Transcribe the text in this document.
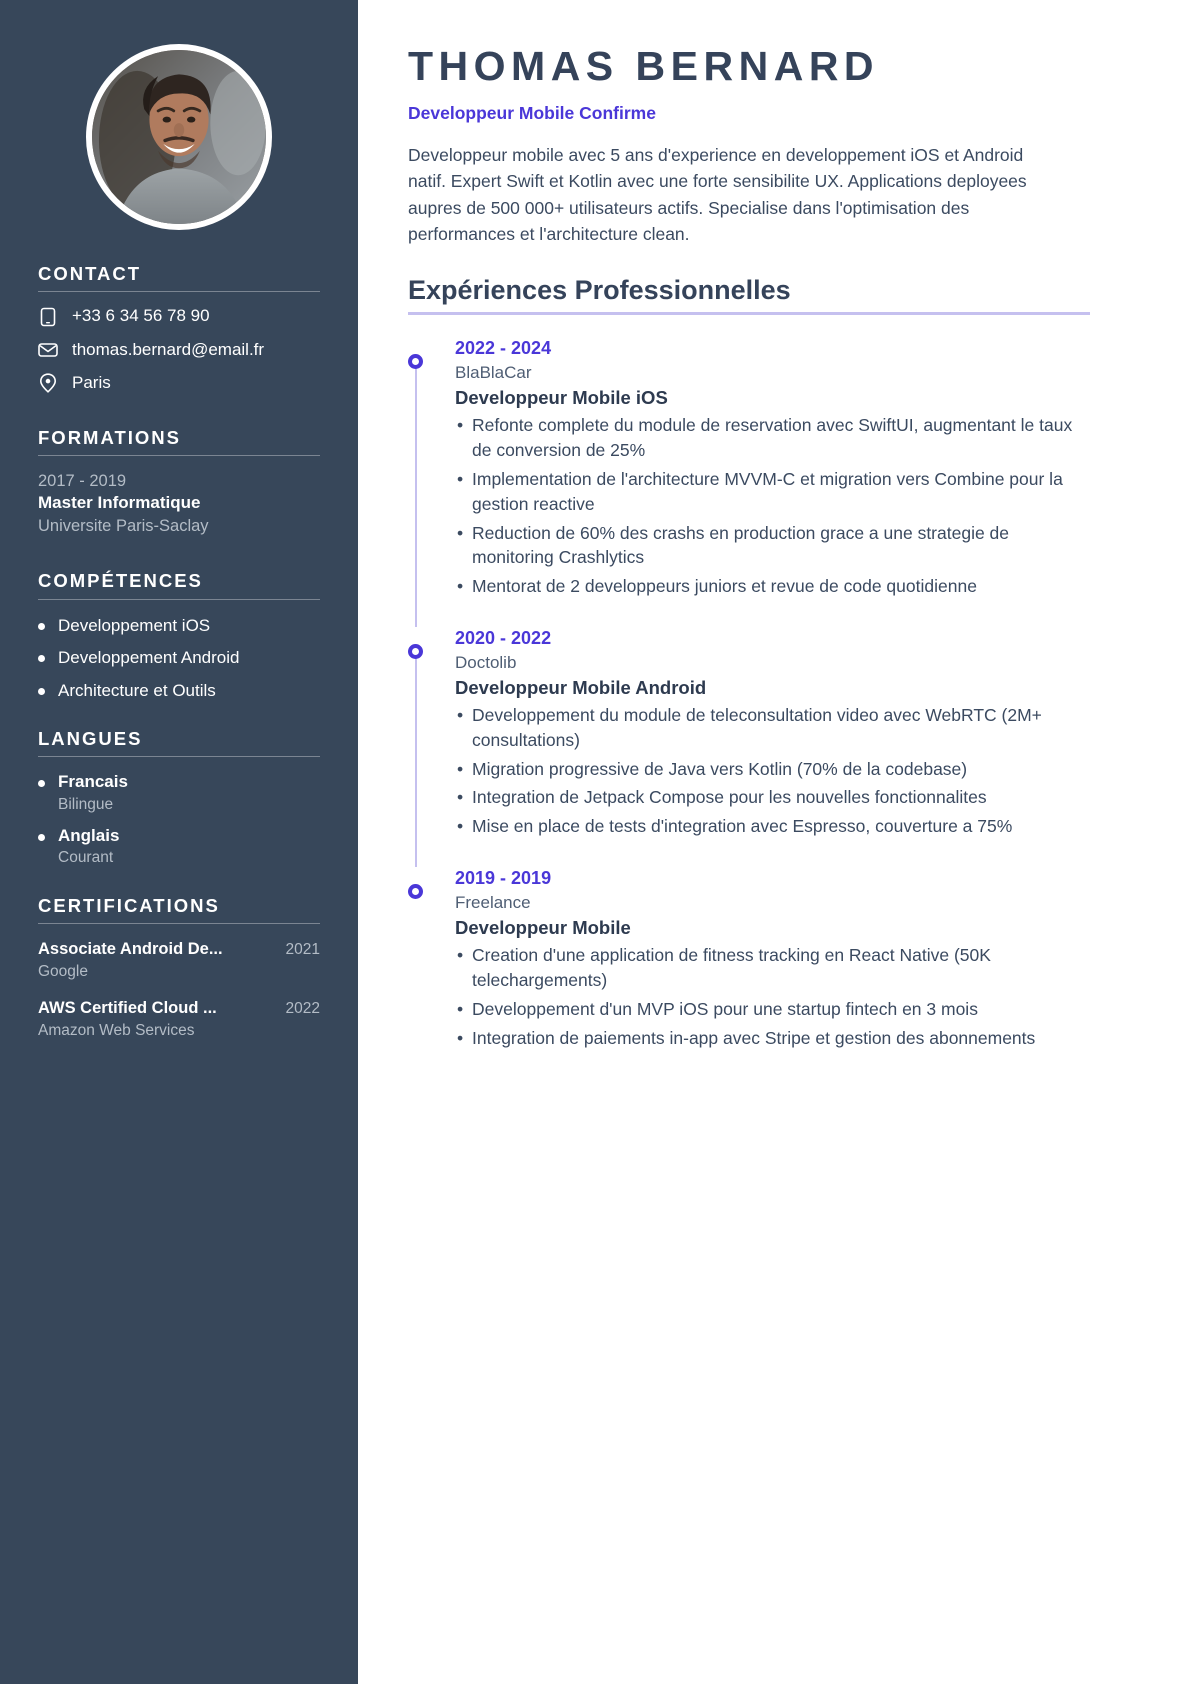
CONTACT
+33 6 34 56 78 90
thomas.bernard@email.fr
Paris
FORMATIONS
2017 - 2019
Master Informatique
Universite Paris-Saclay
COMPÉTENCES
Developpement iOS
Developpement Android
Architecture et Outils
LANGUES
Francais
Bilingue
Anglais
Courant
CERTIFICATIONS
Associate Android De...	2021
Google
AWS Certified Cloud ...	2022
Amazon Web Services
THOMAS BERNARD
Developpeur Mobile Confirme

Developpeur mobile avec 5 ans d'experience en developpement iOS et Android natif. Expert Swift et Kotlin avec une forte sensibilite UX. Applications deployees aupres de 500 000+ utilisateurs actifs. Specialise dans l'optimisation des performances et l'architecture clean.

Expériences Professionnelles
2022 - 2024
BlaBlaCar
Developpeur Mobile iOS
• Refonte complete du module de reservation avec SwiftUI, augmentant le taux de conversion de 25%
• Implementation de l'architecture MVVM-C et migration vers Combine pour la gestion reactive
• Reduction de 60% des crashs en production grace a une strategie de monitoring Crashlytics
• Mentorat de 2 developpeurs juniors et revue de code quotidienne
2020 - 2022
Doctolib
Developpeur Mobile Android
• Developpement du module de teleconsultation video avec WebRTC (2M+ consultations)
• Migration progressive de Java vers Kotlin (70% de la codebase)
• Integration de Jetpack Compose pour les nouvelles fonctionnalites
• Mise en place de tests d'integration avec Espresso, couverture a 75%
2019 - 2019
Freelance
Developpeur Mobile
• Creation d'une application de fitness tracking en React Native (50K telechargements)
• Developpement d'un MVP iOS pour une startup fintech en 3 mois
• Integration de paiements in-app avec Stripe et gestion des abonnements
